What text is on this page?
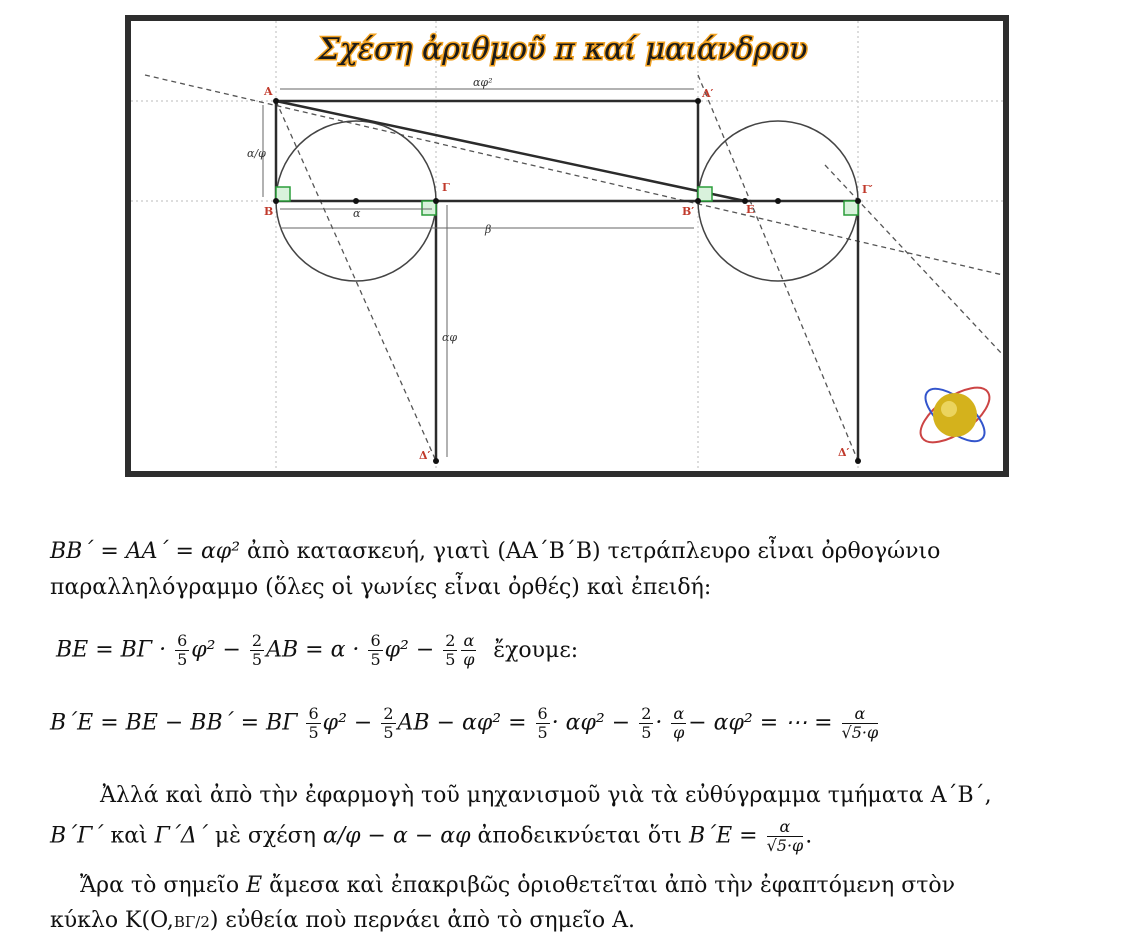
Σχέση ἀριθμοῦ π καί μαιάνδρου
A	A′
B
Γ
B′	E
Γ′
Δ′	Δ′
αφ²
α/φ
α
β
αφ
BB΄ = AA΄ = αφ² ἀπὸ κατασκευή, γιατὶ (ΑΑ΄Β΄Β) τετράπλευρο εἶναι ὀρθογώνιο
παραλληλόγραμμο (ὅλες οἱ γωνίες εἶναι ὀρθές) καὶ ἐπειδή:
BE = $B\Gamma \cdot \frac{6}{5} \varphi^2 - \frac{2}{5}$ AB = $\alpha \cdot \frac{6}{5} \varphi^2 - \frac{2}{5} \frac{\alpha}{\varphi}$ ἔχουμε:
B΄E = BE − BB΄ = BΓ $\frac{6}{5} \varphi^2 - \frac{2}{5}$ AB − $\alpha\varphi^2 = \frac{6}{5} \cdot \alpha\varphi^2 - \frac{2}{5} \cdot \frac{\alpha}{\varphi} - \alpha\varphi^2$ = ⋯ = $\frac{\alpha}{√5\cdot\varphi}$
Ἀλλά καὶ ἀπὸ τὴν ἐφαρμογὴ τοῦ μηχανισμοῦ γιὰ τὰ εὐθύγραμμα τμήματα Α΄Β΄,
B΄Γ΄ καὶ Γ΄Δ΄ μὲ σχέση α/φ − α − αφ ἀποδεικνύεται ὅτι $B΄E = \frac{\alpha}{√5\cdot\varphi}$ .
Ἄρα τὸ σημεῖο E ἄμεσα καὶ ἐπακριβῶς ὁριοθετεῖται ἀπὸ τὴν ἐφαπτόμενη στὸν
κύκλο K(O,ΒΓ/2) εὐθεία ποὺ περνάει ἀπὸ τὸ σημεῖο Α.
